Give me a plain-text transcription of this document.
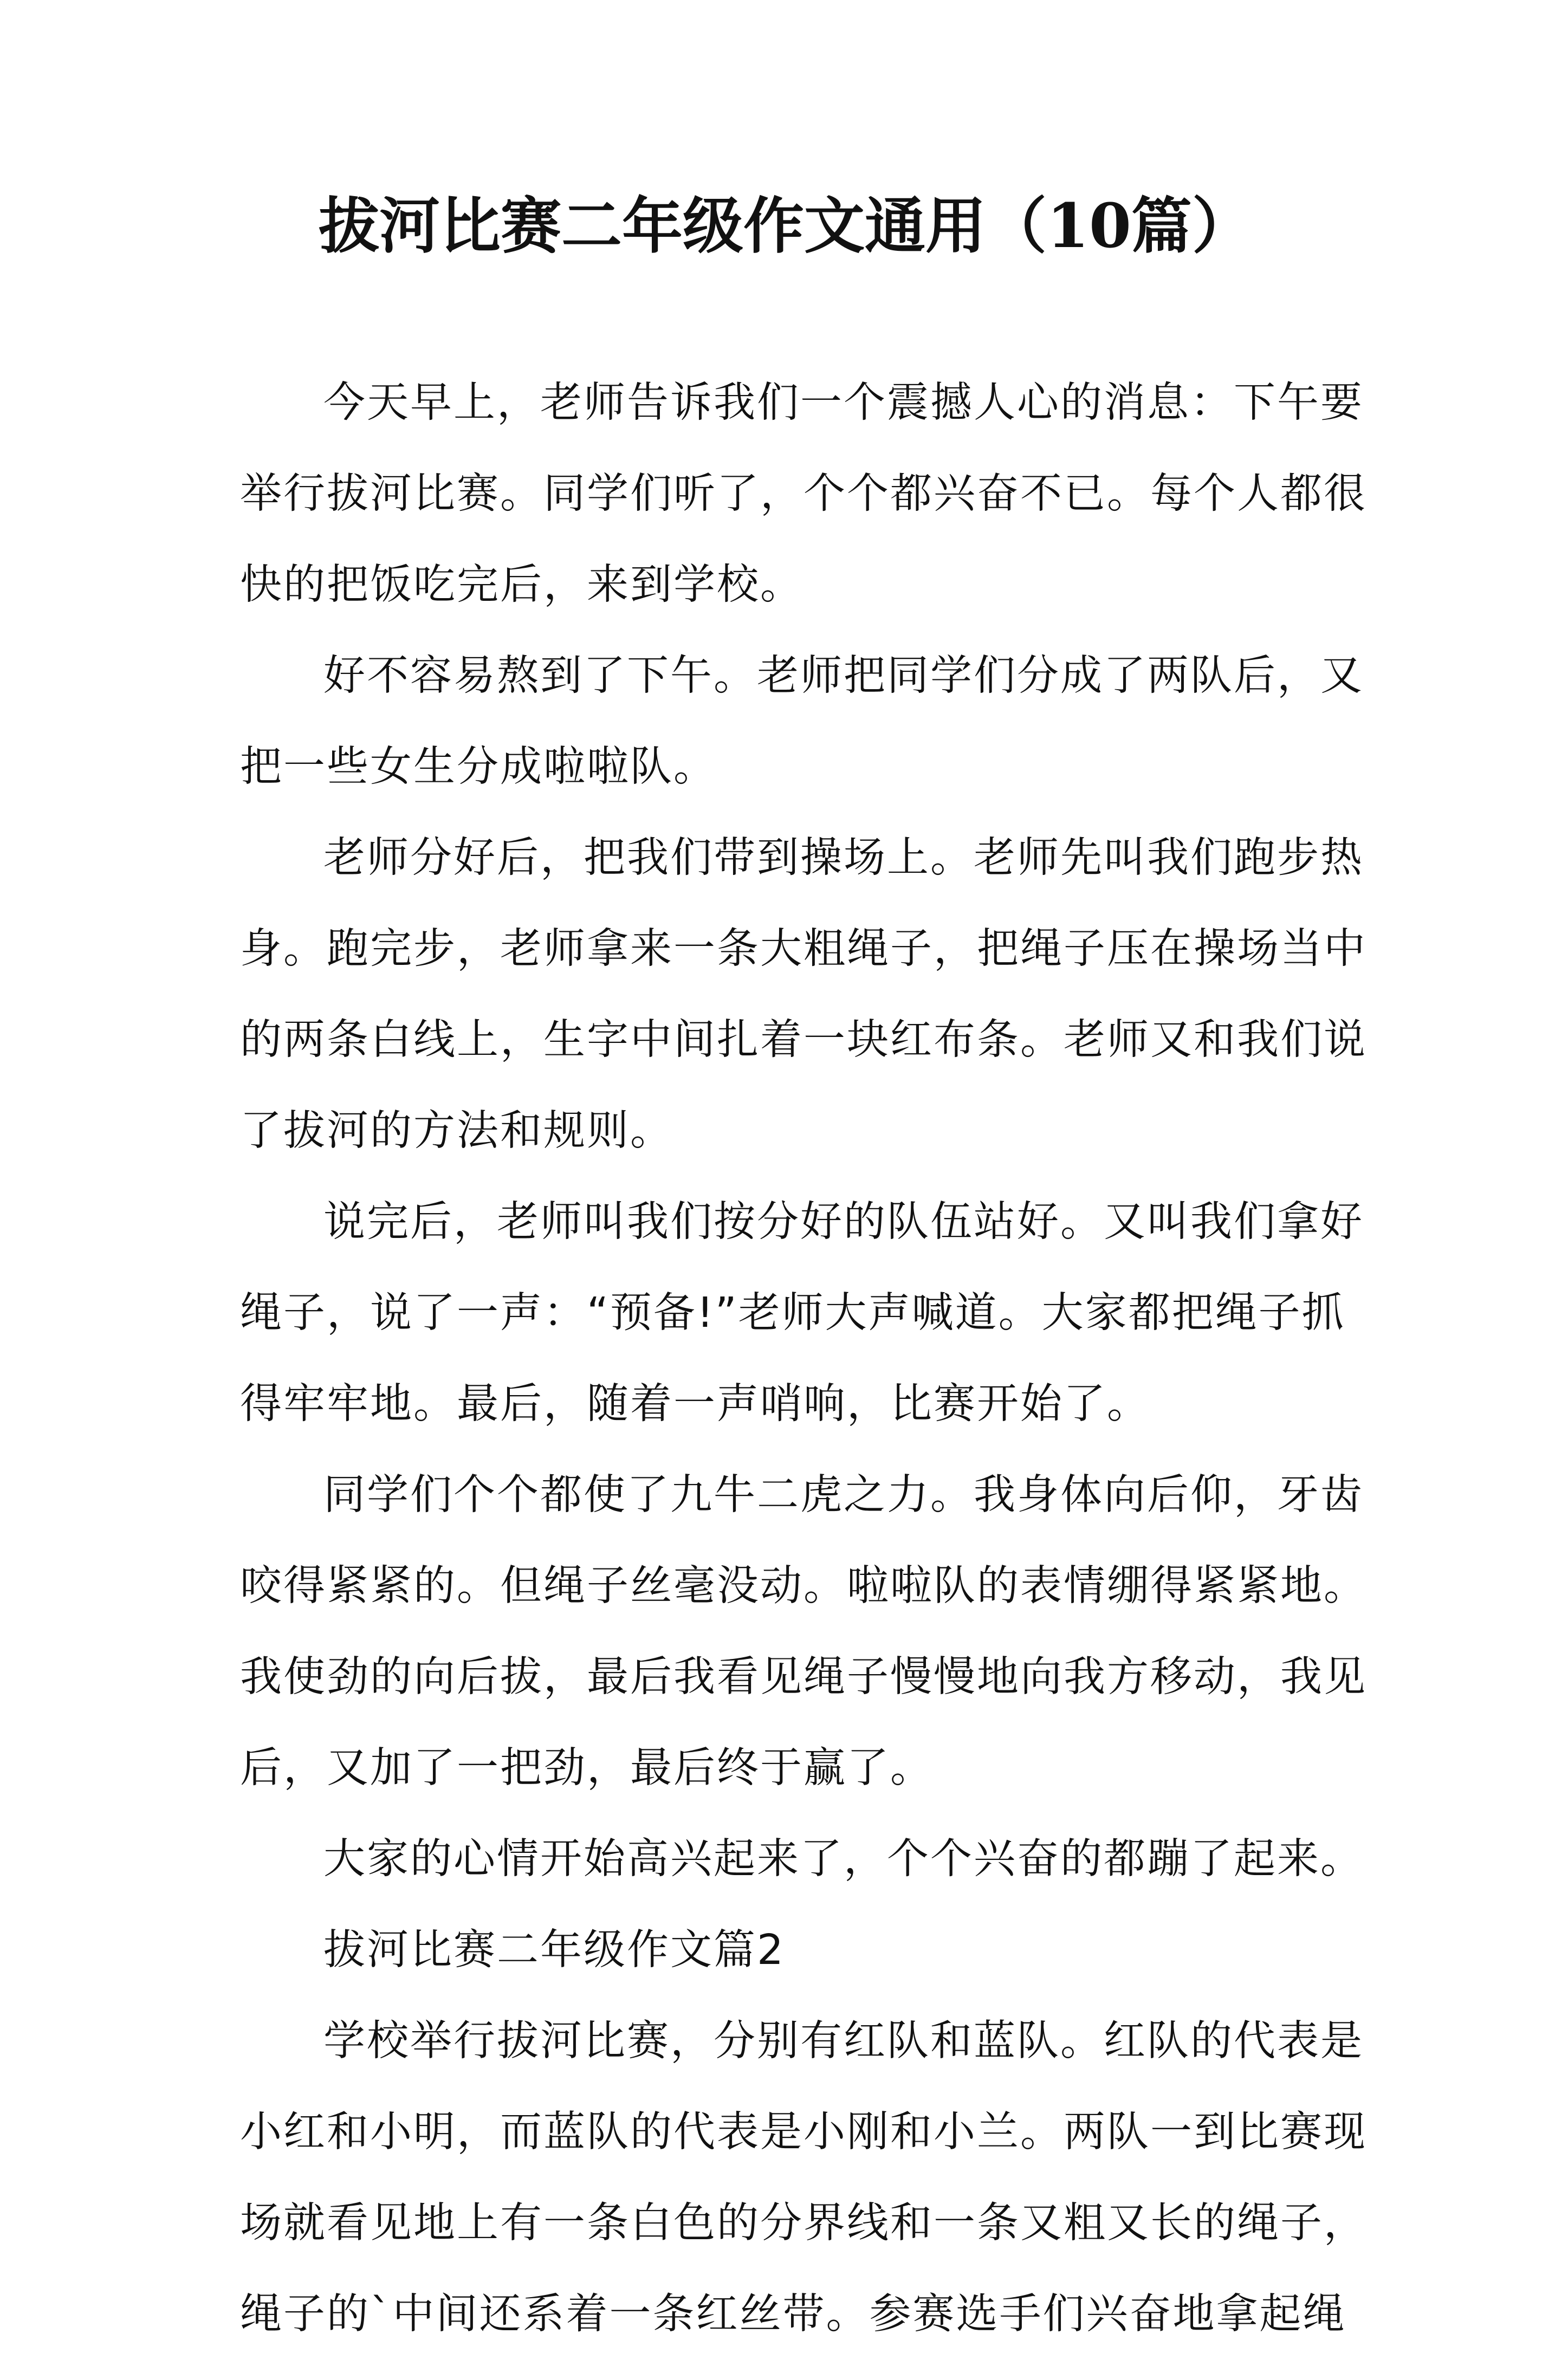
拔河比赛二年级作文通用（10篇）

今天早上，老师告诉我们一个震撼人心的消息：下午要举行拔河比赛。同学们听了，个个都兴奋不已。每个人都很快的把饭吃完后，来到学校。

好不容易熬到了下午。老师把同学们分成了两队后，又把一些女生分成啦啦队。

老师分好后，把我们带到操场上。老师先叫我们跑步热身。跑完步，老师拿来一条大粗绳子，把绳子压在操场当中的两条白线上，生字中间扎着一块红布条。老师又和我们说了拔河的方法和规则。

说完后，老师叫我们按分好的队伍站好。又叫我们拿好绳子，说了一声：“预备!”老师大声喊道。大家都把绳子抓得牢牢地。最后，随着一声哨响，比赛开始了。

同学们个个都使了九牛二虎之力。我身体向后仰，牙齿咬得紧紧的。但绳子丝毫没动。啦啦队的表情绷得紧紧地。我使劲的向后拔，最后我看见绳子慢慢地向我方移动，我见后，又加了一把劲，最后终于赢了。

大家的心情开始高兴起来了，个个兴奋的都蹦了起来。

拔河比赛二年级作文篇2

学校举行拔河比赛，分别有红队和蓝队。红队的代表是小红和小明，而蓝队的代表是小刚和小兰。两队一到比赛现场就看见地上有一条白色的分界线和一条又粗又长的绳子，绳子的`中间还系着一条红丝带。参赛选手们兴奋地拿起绳
